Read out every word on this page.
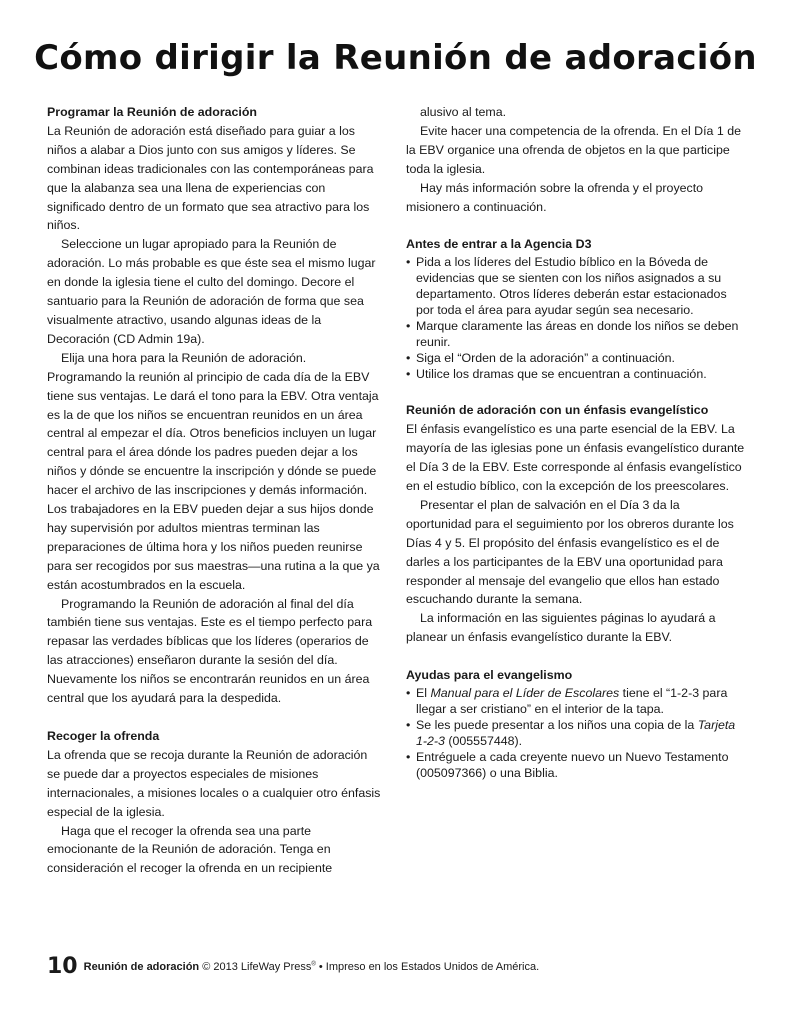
Cómo dirigir la Reunión de adoración
Programar la Reunión de adoración

La Reunión de adoración está diseñado para guiar a los niños a alabar a Dios junto con sus amigos y líderes. Se combinan ideas tradicionales con las contemporáneas para que la alabanza sea una llena de experiencias con significado dentro de un formato que sea atractivo para los niños.

Seleccione un lugar apropiado para la Reunión de adoración. Lo más probable es que éste sea el mismo lugar en donde la iglesia tiene el culto del domingo. Decore el santuario para la Reunión de adoración de forma que sea visualmente atractivo, usando algunas ideas de la Decoración (CD Admin 19a).

Elija una hora para la Reunión de adoración. Programando la reunión al principio de cada día de la EBV tiene sus ventajas. Le dará el tono para la EBV. Otra ventaja es la de que los niños se encuentran reunidos en un área central al empezar el día. Otros beneficios incluyen un lugar central para el área dónde los padres pueden dejar a los niños y dónde se encuentre la inscripción y dónde se puede hacer el archivo de las inscripciones y demás información. Los trabajadores en la EBV pueden dejar a sus hijos donde hay supervisión por adultos mientras terminan las preparaciones de última hora y los niños pueden reunirse para ser recogidos por sus maestras—una rutina a la que ya están acostumbrados en la escuela.

Programando la Reunión de adoración al final del día también tiene sus ventajas. Este es el tiempo perfecto para repasar las verdades bíblicas que los líderes (operarios de las atracciones) enseñaron durante la sesión del día. Nuevamente los niños se encontrarán reunidos en un área central que los ayudará para la despedida.

Recoger la ofrenda

La ofrenda que se recoja durante la Reunión de adoración se puede dar a proyectos especiales de misiones internacionales, a misiones locales o a cualquier otro énfasis especial de la iglesia.

Haga que el recoger la ofrenda sea una parte emocionante de la Reunión de adoración. Tenga en consideración el recoger la ofrenda en un recipiente

alusivo al tema.

Evite hacer una competencia de la ofrenda. En el Día 1 de la EBV organice una ofrenda de objetos en la que participe toda la iglesia.

Hay más información sobre la ofrenda y el proyecto misionero a continuación.

Antes de entrar a la Agencia D3
• Pida a los líderes del Estudio bíblico en la Bóveda de evidencias que se sienten con los niños asignados a su departamento. Otros líderes deberán estar estacionados por toda el área para ayudar según sea necesario.
• Marque claramente las áreas en donde los niños se deben reunir.
• Siga el “Orden de la adoración” a continuación.
• Utilice los dramas que se encuentran a continuación.
Reunión de adoración con un énfasis evangelístico

El énfasis evangelístico es una parte esencial de la EBV. La mayoría de las iglesias pone un énfasis evangelístico durante el Día 3 de la EBV. Este corresponde al énfasis evangelístico en el estudio bíblico, con la excepción de los preescolares.

Presentar el plan de salvación en el Día 3 da la oportunidad para el seguimiento por los obreros durante los Días 4 y 5. El propósito del énfasis evangelístico es el de darles a los participantes de la EBV una oportunidad para responder al mensaje del evangelio que ellos han estado escuchando durante la semana.

La información en las siguientes páginas lo ayudará a planear un énfasis evangelístico durante la EBV.

Ayudas para el evangelismo
• El Manual para el Líder de Escolares tiene el “1-2-3 para llegar a ser cristiano” en el interior de la tapa.
• Se les puede presentar a los niños una copia de la Tarjeta 1-2-3 (005557448).
• Entréguele a cada creyente nuevo un Nuevo Testamento (005097366) o una Biblia.
10 Reunión de adoración © 2013 LifeWay Press® • Impreso en los Estados Unidos de América.
